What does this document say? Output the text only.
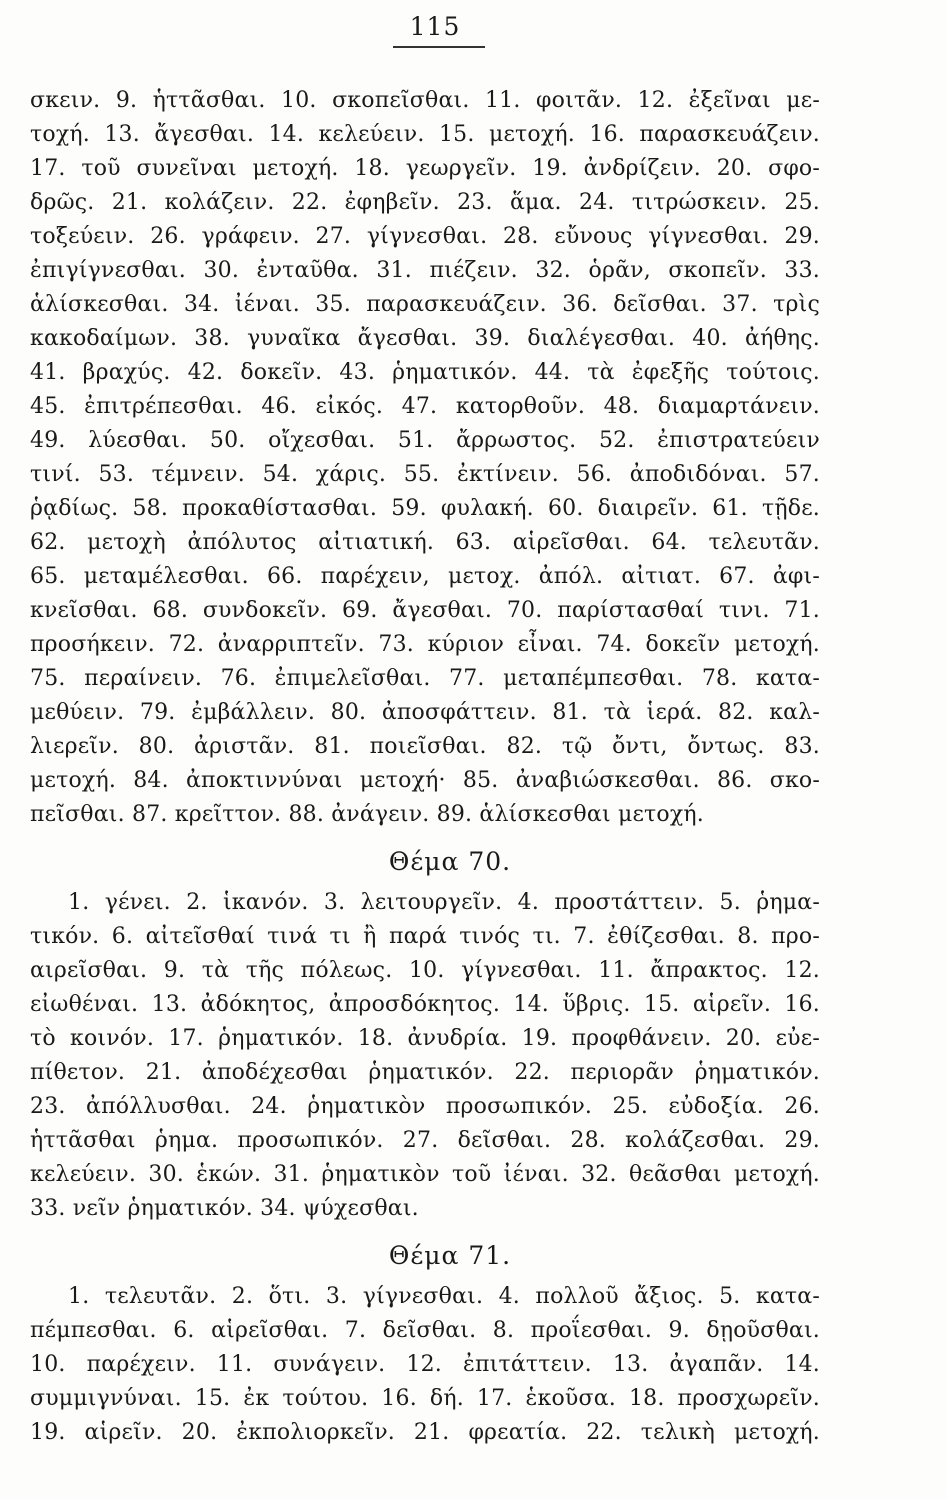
115
σκειν. 9. ἡττᾶσθαι. 10. σκοπεῖσθαι. 11. φοιτᾶν. 12. ἐξεῖναι με-
τοχή. 13. ἄγεσθαι. 14. κελεύειν. 15. μετοχή. 16. παρασκευάζειν.
17. τοῦ συνεῖναι μετοχή. 18. γεωργεῖν. 19. ἀνδρίζειν. 20. σφο-
δρῶς. 21. κολάζειν. 22. ἐφηβεῖν. 23. ἅμα. 24. τιτρώσκειν. 25.
τοξεύειν. 26. γράφειν. 27. γίγνεσθαι. 28. εὔνους γίγνεσθαι. 29.
ἐπιγίγνεσθαι. 30. ἐνταῦθα. 31. πιέζειν. 32. ὁρᾶν, σκοπεῖν. 33.
ἁλίσκεσθαι. 34. ἰέναι. 35. παρασκευάζειν. 36. δεῖσθαι. 37. τρὶς
κακοδαίμων. 38. γυναῖκα ἄγεσθαι. 39. διαλέγεσθαι. 40. ἀήθης.
41. βραχύς. 42. δοκεῖν. 43. ῥηματικόν. 44. τὰ ἐφεξῆς τούτοις.
45. ἐπιτρέπεσθαι. 46. εἰκός. 47. κατορθοῦν. 48. διαμαρτάνειν.
49. λύεσθαι. 50. οἴχεσθαι. 51. ἄρρωστος. 52. ἐπιστρατεύειν
τινί. 53. τέμνειν. 54. χάρις. 55. ἐκτίνειν. 56. ἀποδιδόναι. 57.
ῥᾳδίως. 58. προκαθίστασθαι. 59. φυλακή. 60. διαιρεῖν. 61. τῇδε.
62. μετοχὴ ἀπόλυτος αἰτιατική. 63. αἱρεῖσθαι. 64. τελευτᾶν.
65. μεταμέλεσθαι. 66. παρέχειν, μετοχ. ἀπόλ. αἰτιατ. 67. ἀφι-
κνεῖσθαι. 68. συνδοκεῖν. 69. ἄγεσθαι. 70. παρίστασθαί τινι. 71.
προσήκειν. 72. ἀναρριπτεῖν. 73. κύριον εἶναι. 74. δοκεῖν μετοχή.
75. περαίνειν. 76. ἐπιμελεῖσθαι. 77. μεταπέμπεσθαι. 78. κατα-
μεθύειν. 79. ἐμβάλλειν. 80. ἀποσφάττειν. 81. τὰ ἱερά. 82. καλ-
λιερεῖν. 80. ἀριστᾶν. 81. ποιεῖσθαι. 82. τῷ ὄντι, ὄντως. 83.
μετοχή. 84. ἀποκτιννύναι μετοχή· 85. ἀναβιώσκεσθαι. 86. σκο-
πεῖσθαι. 87. κρεῖττον. 88. ἀνάγειν. 89. ἁλίσκεσθαι μετοχή.
Θέμα 70.
1. γένει. 2. ἱκανόν. 3. λειτουργεῖν. 4. προστάττειν. 5. ῥημα-
τικόν. 6. αἰτεῖσθαί τινά τι ἢ παρά τινός τι. 7. ἐθίζεσθαι. 8. προ-
αιρεῖσθαι. 9. τὰ τῆς πόλεως. 10. γίγνεσθαι. 11. ἄπρακτος. 12.
εἰωθέναι. 13. ἀδόκητος, ἀπροσδόκητος. 14. ὕβρις. 15. αἱρεῖν. 16.
τὸ κοινόν. 17. ῥηματικόν. 18. ἀνυδρία. 19. προφθάνειν. 20. εὐε-
πίθετον. 21. ἀποδέχεσθαι ῥηματικόν. 22. περιορᾶν ῥηματικόν.
23. ἀπόλλυσθαι. 24. ῥηματικὸν προσωπικόν. 25. εὐδοξία. 26.
ἡττᾶσθαι ῥημα. προσωπικόν. 27. δεῖσθαι. 28. κολάζεσθαι. 29.
κελεύειν. 30. ἑκών. 31. ῥηματικὸν τοῦ ἰέναι. 32. θεᾶσθαι μετοχή.
33. νεῖν ῥηματικόν. 34. ψύχεσθαι.
Θέμα 71.
1. τελευτᾶν. 2. ὅτι. 3. γίγνεσθαι. 4. πολλοῦ ἄξιος. 5. κατα-
πέμπεσθαι. 6. αἱρεῖσθαι. 7. δεῖσθαι. 8. προΐεσθαι. 9. δῃοῦσθαι.
10. παρέχειν. 11. συνάγειν. 12. ἐπιτάττειν. 13. ἀγαπᾶν. 14.
συμμιγνύναι. 15. ἐκ τούτου. 16. δή. 17. ἑκοῦσα. 18. προσχωρεῖν.
19. αἱρεῖν. 20. ἐκπολιορκεῖν. 21. φρεατία. 22. τελικὴ μετοχή.
